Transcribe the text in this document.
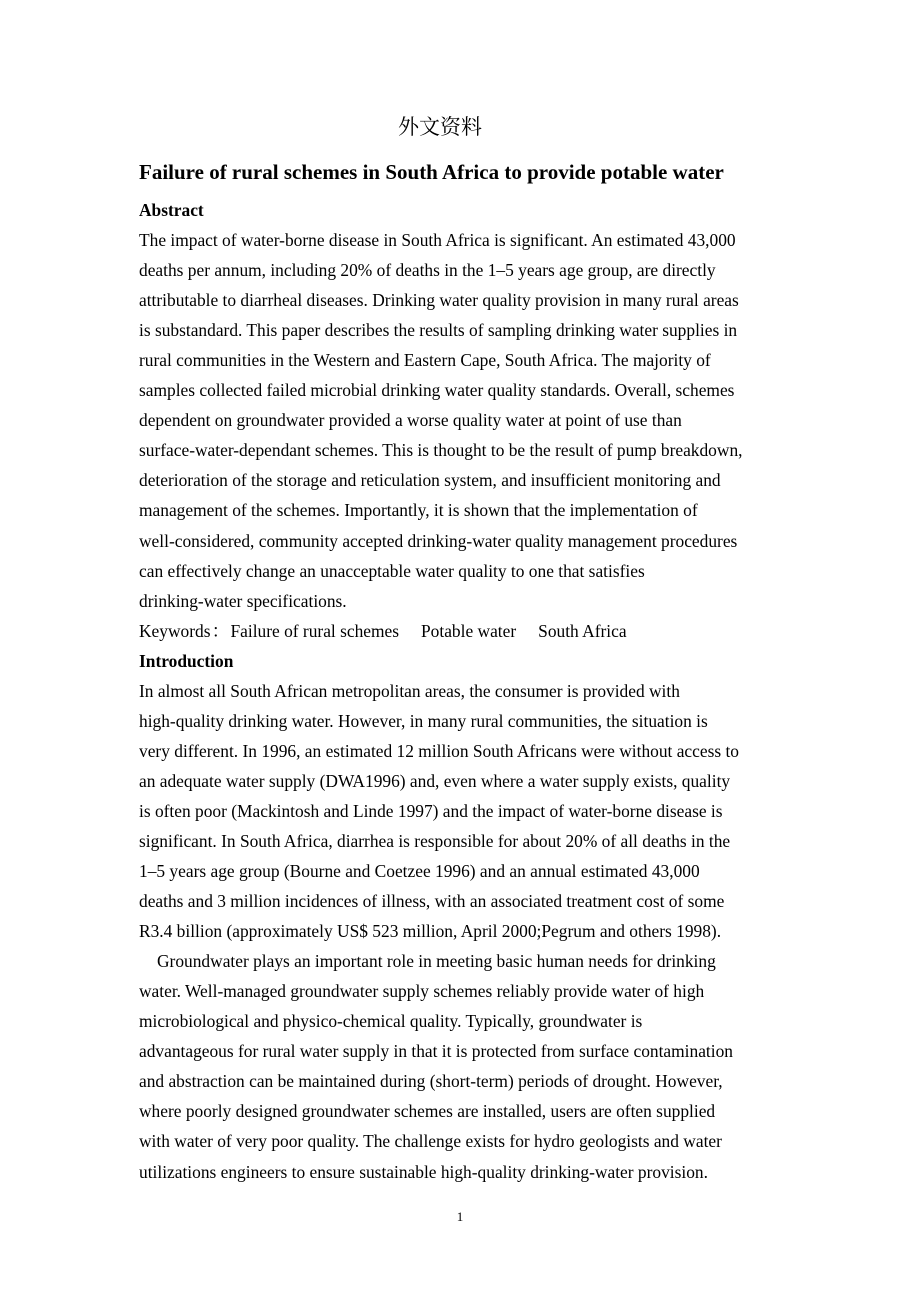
外文资料
Failure of rural schemes in South Africa to provide potable water
Abstract
The impact of water-borne disease in South Africa is significant. An estimated 43,000
deaths per annum, including 20% of deaths in the 1–5 years age group, are directly
attributable to diarrheal diseases. Drinking water quality provision in many rural areas
is substandard. This paper describes the results of sampling drinking water supplies in
rural communities in the Western and Eastern Cape, South Africa. The majority of
samples collected failed microbial drinking water quality standards. Overall, schemes
dependent on groundwater provided a worse quality water at point of use than
surface-water-dependant schemes. This is thought to be the result of pump breakdown,
deterioration of the storage and reticulation system, and insufficient monitoring and
management of the schemes. Importantly, it is shown that the implementation of
well-considered, community accepted drinking-water quality management procedures
can effectively change an unacceptable water quality to one that satisfies
drinking-water specifications.
Keywords：Failure of rural schemes Potable water South Africa
Introduction
In almost all South African metropolitan areas, the consumer is provided with
high-quality drinking water. However, in many rural communities, the situation is
very different. In 1996, an estimated 12 million South Africans were without access to
an adequate water supply (DWA1996) and, even where a water supply exists, quality
is often poor (Mackintosh and Linde 1997) and the impact of water-borne disease is
significant. In South Africa, diarrhea is responsible for about 20% of all deaths in the
1–5 years age group (Bourne and Coetzee 1996) and an annual estimated 43,000
deaths and 3 million incidences of illness, with an associated treatment cost of some
R3.4 billion (approximately US$ 523 million, April 2000;Pegrum and others 1998).
Groundwater plays an important role in meeting basic human needs for drinking
water. Well-managed groundwater supply schemes reliably provide water of high
microbiological and physico-chemical quality. Typically, groundwater is
advantageous for rural water supply in that it is protected from surface contamination
and abstraction can be maintained during (short-term) periods of drought. However,
where poorly designed groundwater schemes are installed, users are often supplied
with water of very poor quality. The challenge exists for hydro geologists and water
utilizations engineers to ensure sustainable high-quality drinking-water provision.
1
